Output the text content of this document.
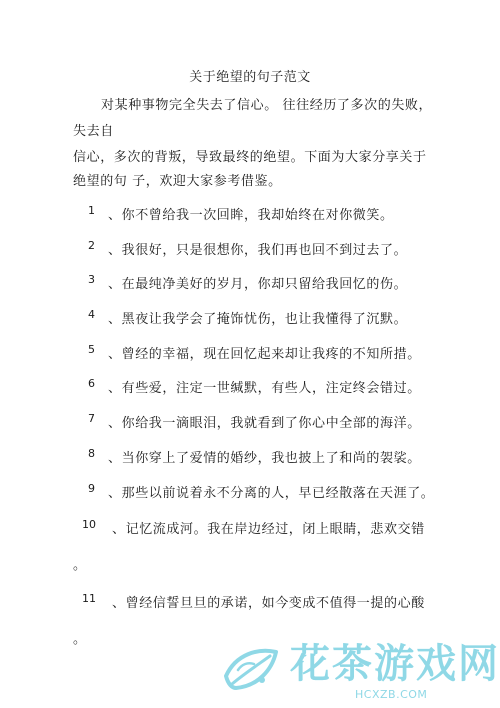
关于绝望的句子范文
对某种事物完全失去了信心。 往往经历了多次的失败，
失去自
信心，多次的背叛，导致最终的绝望。下面为大家分享关于
绝望的句 子，欢迎大家参考借鉴。
1 、你不曾给我一次回眸，我却始终在对你微笑。
2 、我很好，只是很想你，我们再也回不到过去了。
3 、在最纯净美好的岁月，你却只留给我回忆的伤。
4 、黑夜让我学会了掩饰忧伤，也让我懂得了沉默。
5 、曾经的幸福，现在回忆起来却让我疼的不知所措。
6 、有些爱，注定一世缄默，有些人，注定终会错过。
7 、你给我一滴眼泪，我就看到了你心中全部的海洋。
8 、当你穿上了爱情的婚纱，我也披上了和尚的袈裟。
9 、那些以前说着永不分离的人，早已经散落在天涯了。
10 、记忆流成河。我在岸边经过，闭上眼睛，悲欢交错
。
11 、曾经信誓旦旦的承诺，如今变成不值得一提的心酸
。
花茶游戏网
HCXZB.COM
